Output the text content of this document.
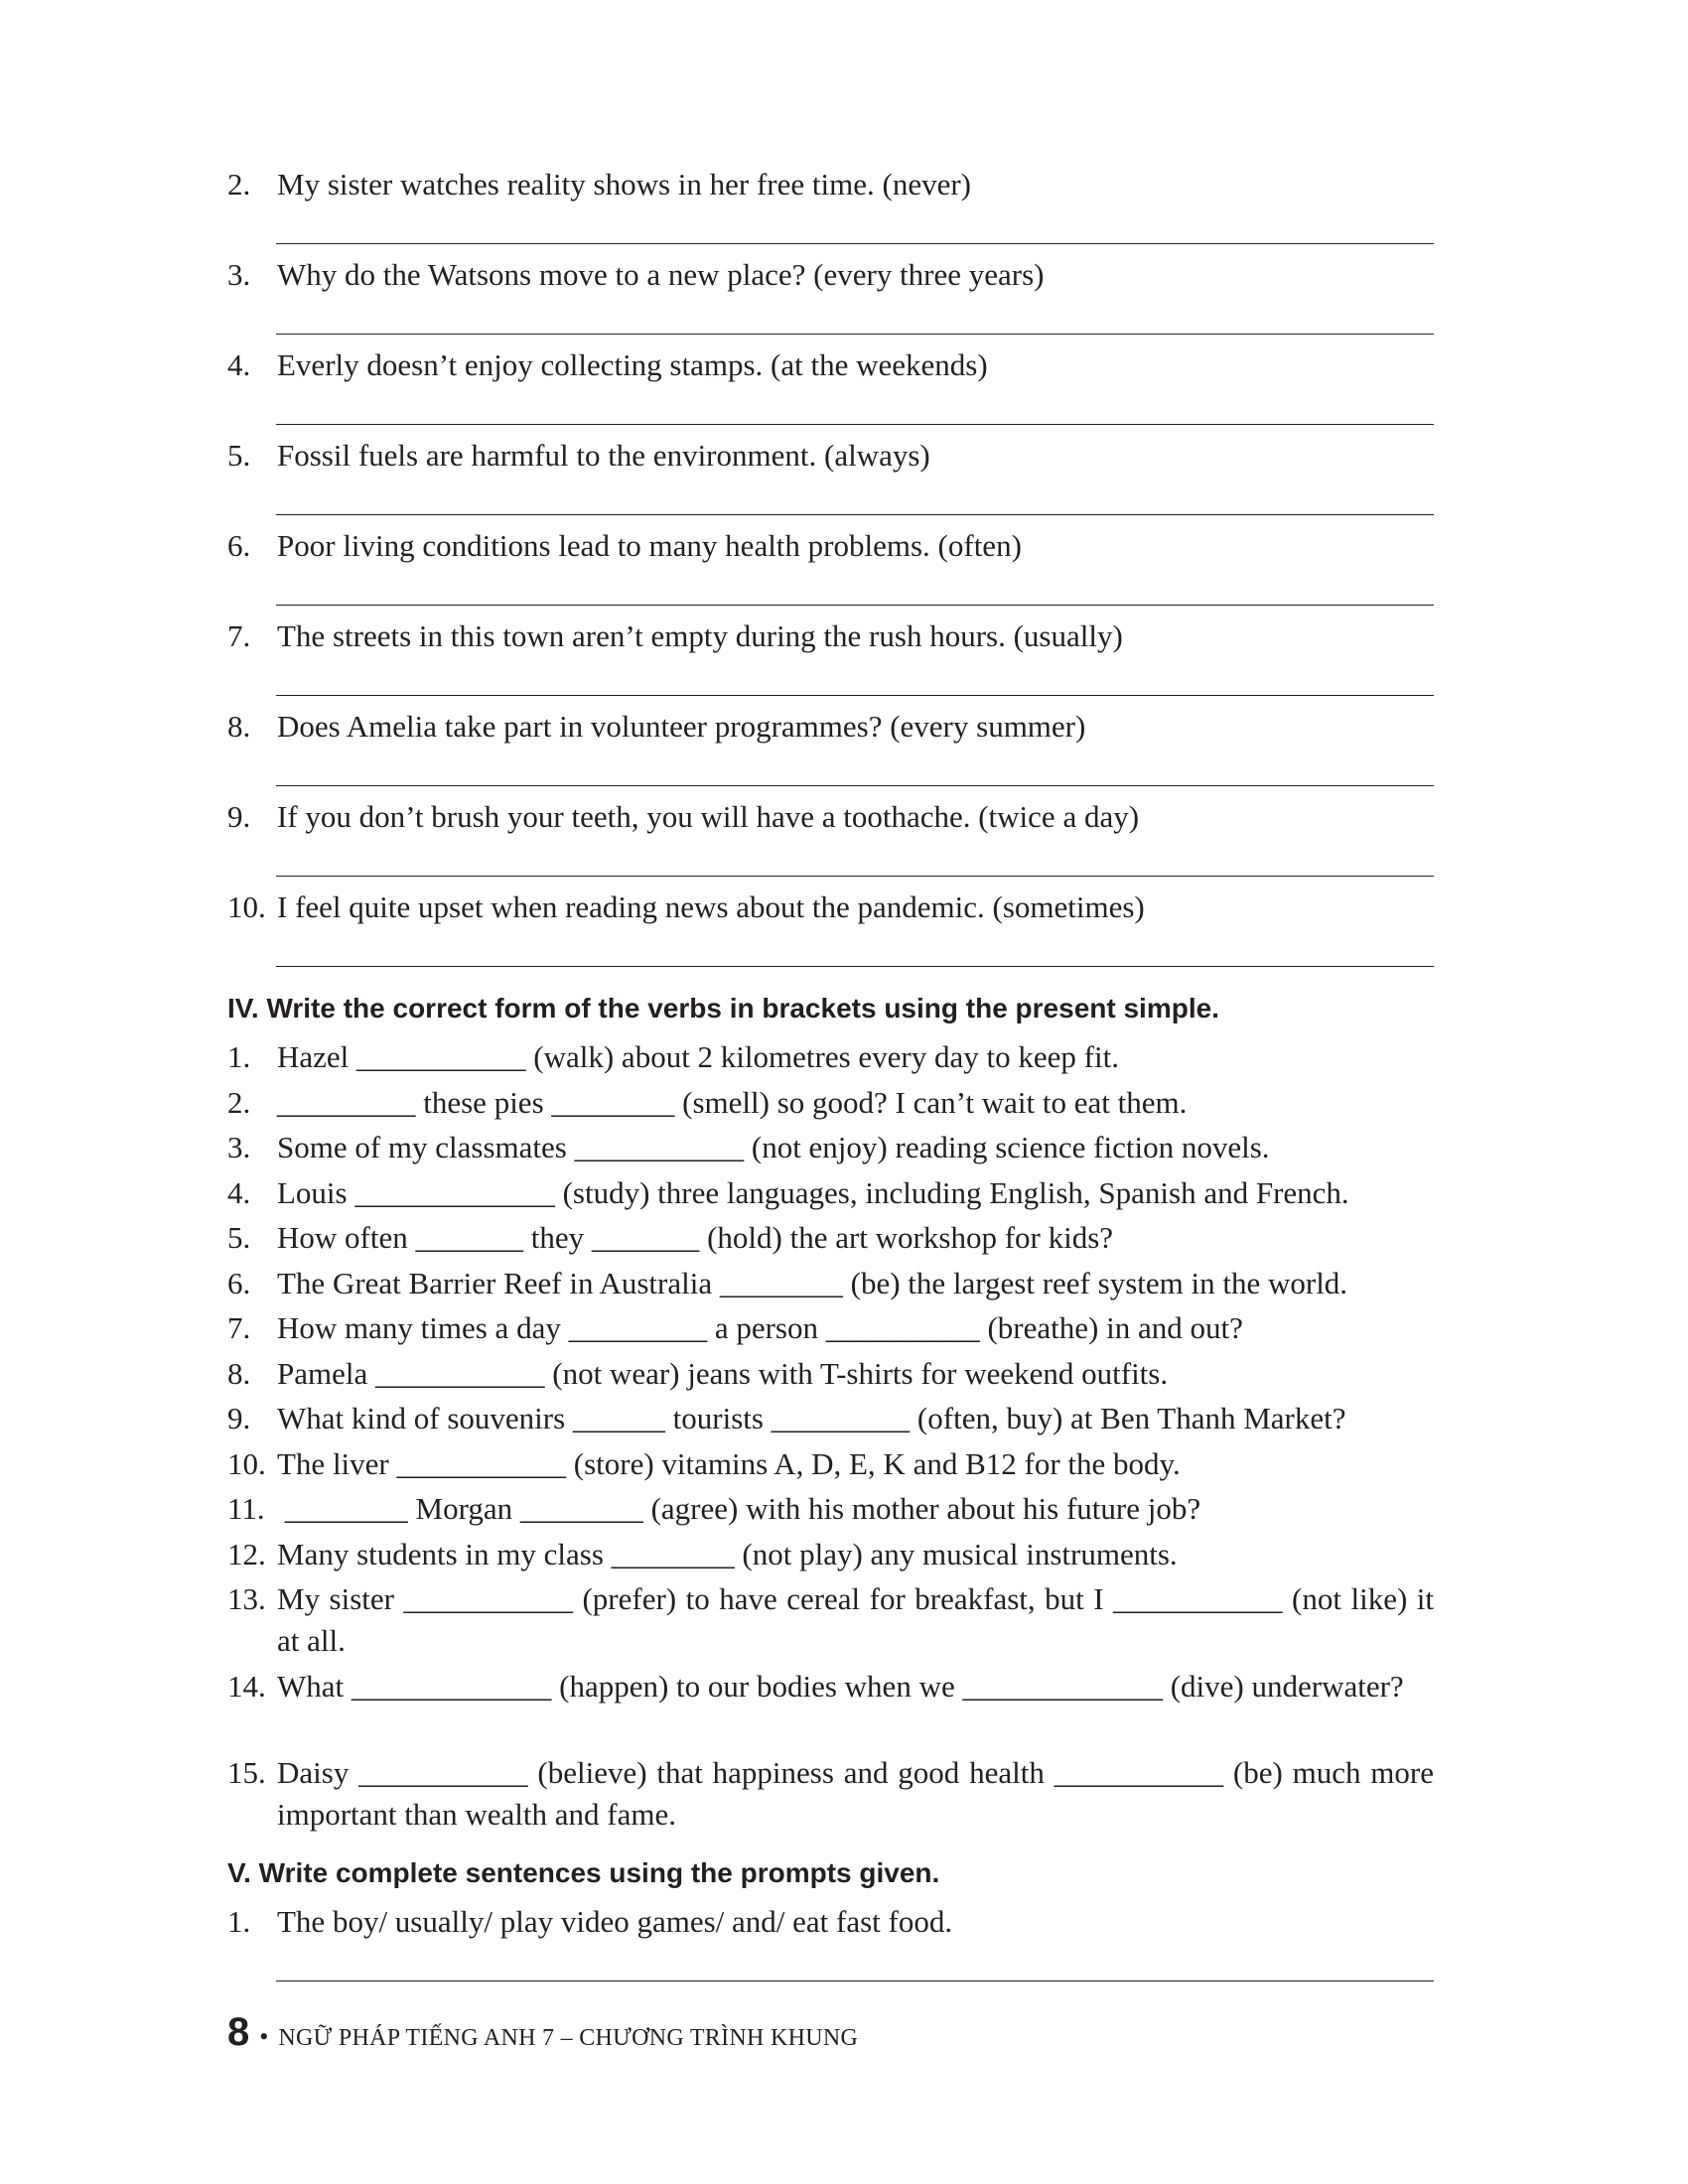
2. My sister watches reality shows in her free time. (never)
3. Why do the Watsons move to a new place? (every three years)
4. Everly doesn’t enjoy collecting stamps. (at the weekends)
5. Fossil fuels are harmful to the environment. (always)
6. Poor living conditions lead to many health problems. (often)
7. The streets in this town aren’t empty during the rush hours. (usually)
8. Does Amelia take part in volunteer programmes? (every summer)
9. If you don’t brush your teeth, you will have a toothache. (twice a day)
10. I feel quite upset when reading news about the pandemic. (sometimes)
IV. Write the correct form of the verbs in brackets using the present simple.
1. Hazel ___________ (walk) about 2 kilometres every day to keep fit.
2. _________ these pies ________ (smell) so good? I can’t wait to eat them.
3. Some of my classmates ___________ (not enjoy) reading science fiction novels.
4. Louis _____________ (study) three languages, including English, Spanish and French.
5. How often _______ they _______ (hold) the art workshop for kids?
6. The Great Barrier Reef in Australia ________ (be) the largest reef system in the world.
7. How many times a day _________ a person __________ (breathe) in and out?
8. Pamela ___________ (not wear) jeans with T-shirts for weekend outfits.
9. What kind of souvenirs ______ tourists _________ (often, buy) at Ben Thanh Market?
10. The liver ___________ (store) vitamins A, D, E, K and B12 for the body.
11. ________ Morgan ________ (agree) with his mother about his future job?
12. Many students in my class ________ (not play) any musical instruments.
13. My sister ___________ (prefer) to have cereal for breakfast, but I ___________ (not like) it at all.
14. What _____________ (happen) to our bodies when we _____________ (dive) underwater?
15. Daisy ___________ (believe) that happiness and good health ___________ (be) much more important than wealth and fame.
V. Write complete sentences using the prompts given.
1. The boy/ usually/ play video games/ and/ eat fast food.
8 • NGỮ PHÁP TIẾNG ANH 7 – CHƯƠNG TRÌNH KHUNG
